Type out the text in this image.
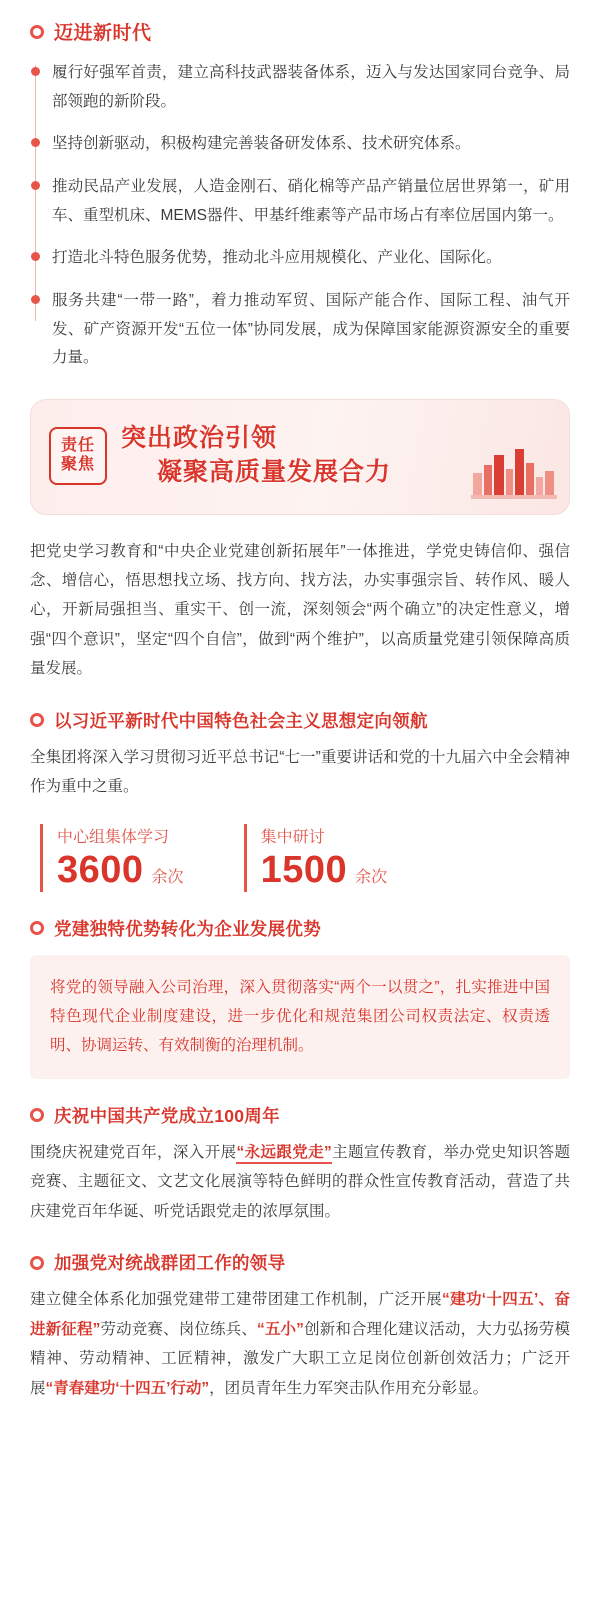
迈进新时代

履行好强军首责，建立高科技武器装备体系，迈入与发达国家同台竞争、局部领跑的新阶段。

坚持创新驱动，积极构建完善装备研发体系、技术研究体系。

推动民品产业发展，人造金刚石、硝化棉等产品产销量位居世界第一，矿用车、重型机床、MEMS器件、甲基纤维素等产品市场占有率位居国内第一。

打造北斗特色服务优势，推动北斗应用规模化、产业化、国际化。

服务共建“一带一路”，着力推动军贸、国际产能合作、国际工程、油气开发、矿产资源开发“五位一体”协同发展，成为保障国家能源资源安全的重要力量。

责任
聚焦
突出政治引领
凝聚高质量发展合力

把党史学习教育和“中央企业党建创新拓展年”一体推进，学党史铸信仰、强信念、增信心，悟思想找立场、找方向、找方法，办实事强宗旨、转作风、暖人心，开新局强担当、重实干、创一流，深刻领会“两个确立”的决定性意义，增强“四个意识”，坚定“四个自信”，做到“两个维护”，以高质量党建引领保障高质量发展。

以习近平新时代中国特色社会主义思想定向领航

全集团将深入学习贯彻习近平总书记“七一”重要讲话和党的十九届六中全会精神作为重中之重。

中心组集体学习
3600 余次
集中研讨
1500 余次
党建独特优势转化为企业发展优势

将党的领导融入公司治理，深入贯彻落实“两个一以贯之”，扎实推进中国特色现代企业制度建设，进一步优化和规范集团公司权责法定、权责透明、协调运转、有效制衡的治理机制。

庆祝中国共产党成立100周年

围绕庆祝建党百年，深入开展“永远跟党走”主题宣传教育，举办党史知识答题竞赛、主题征文、文艺文化展演等特色鲜明的群众性宣传教育活动，营造了共庆建党百年华诞、听党话跟党走的浓厚氛围。

加强党对统战群团工作的领导

建立健全体系化加强党建带工建带团建工作机制，广泛开展“建功‘十四五’、奋进新征程”劳动竞赛、岗位练兵、“五小”创新和合理化建议活动，大力弘扬劳模精神、劳动精神、工匠精神，激发广大职工立足岗位创新创效活力；广泛开展“青春建功‘十四五’行动”，团员青年生力军突击队作用充分彰显。
